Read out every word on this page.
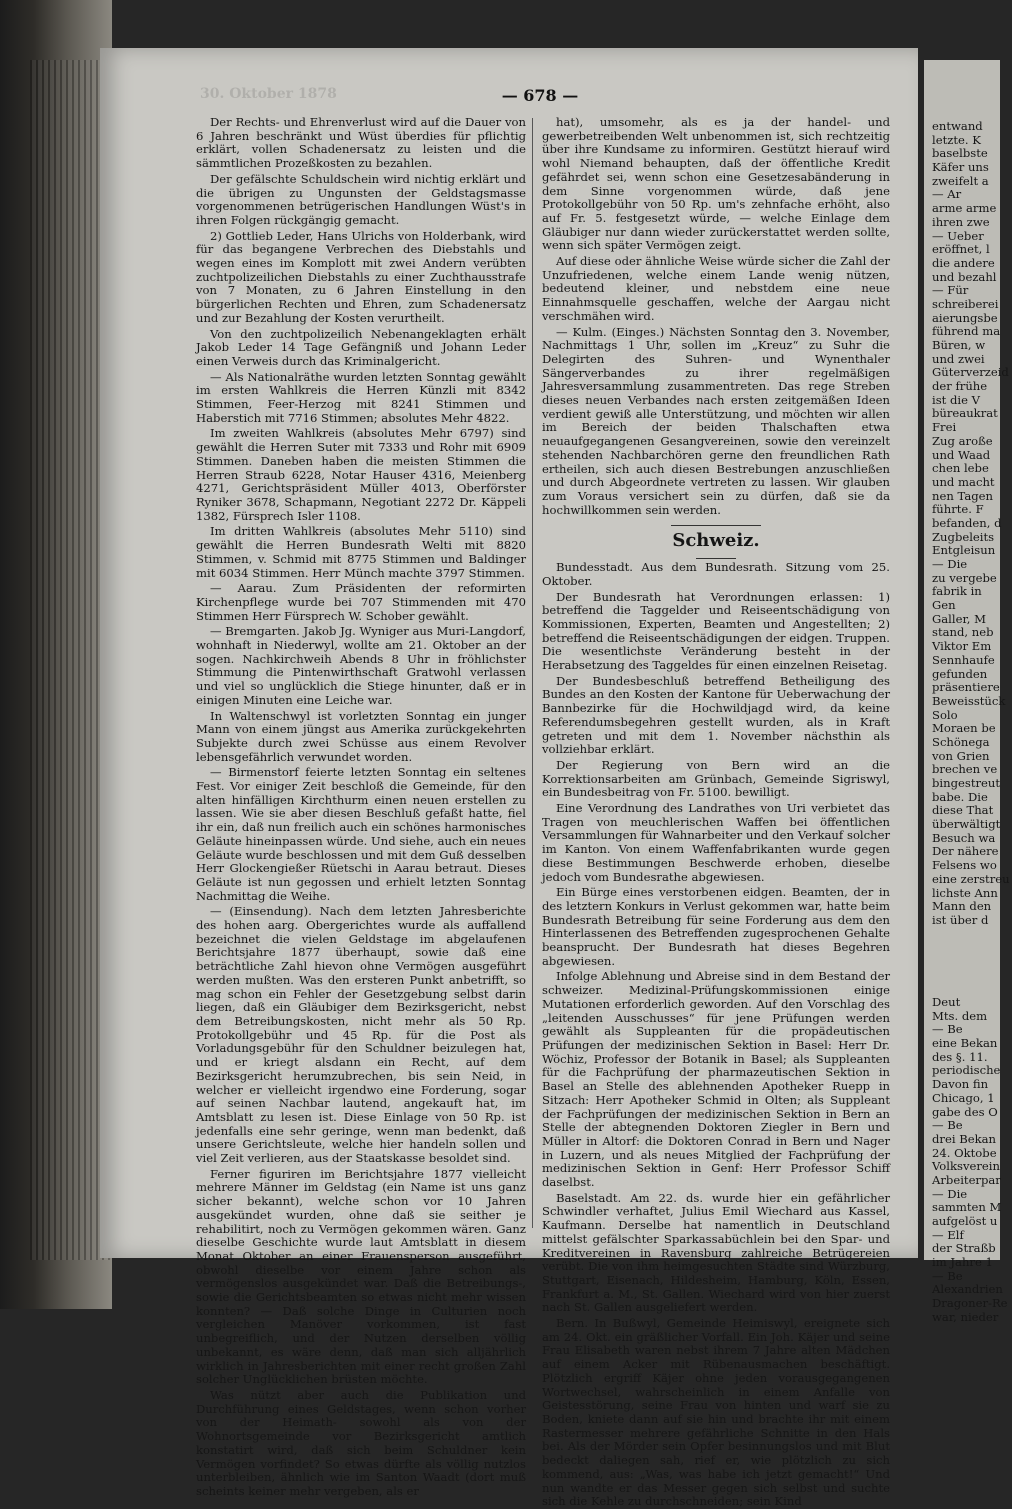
30. Oktober 1878	— 678 —

Der Rechts- und Ehrenverlust wird auf die Dauer von 6 Jahren beschränkt und Wüst überdies für pflichtig erklärt, vollen Schadenersatz zu leisten und die sämmtlichen Prozeßkosten zu bezahlen.

Der gefälschte Schuldschein wird nichtig erklärt und die übrigen zu Ungunsten der Geldstagsmasse vorgenommenen betrügerischen Handlungen Wüst's in ihren Folgen rückgängig gemacht.

2) Gottlieb Leder, Hans Ulrichs von Holderbank, wird für das begangene Verbrechen des Diebstahls und wegen eines im Komplott mit zwei Andern verübten zuchtpolizeilichen Diebstahls zu einer Zuchthausstrafe von 7 Monaten, zu 6 Jahren Einstellung in den bürgerlichen Rechten und Ehren, zum Schadenersatz und zur Bezahlung der Kosten verurtheilt.

Von den zuchtpolizeilich Nebenangeklagten erhält Jakob Leder 14 Tage Gefängniß und Johann Leder einen Verweis durch das Kriminalgericht.

— Als Nationalräthe wurden letzten Sonntag gewählt im ersten Wahlkreis die Herren Künzli mit 8342 Stimmen, Feer-Herzog mit 8241 Stimmen und Haberstich mit 7716 Stimmen; absolutes Mehr 4822.

Im zweiten Wahlkreis (absolutes Mehr 6797) sind gewählt die Herren Suter mit 7333 und Rohr mit 6909 Stimmen. Daneben haben die meisten Stimmen die Herren Straub 6228, Notar Hauser 4316, Meienberg 4271, Gerichtspräsident Müller 4013, Oberförster Ryniker 3678, Schapmann, Negotiant 2272 Dr. Käppeli 1382, Fürsprech Isler 1108.

Im dritten Wahlkreis (absolutes Mehr 5110) sind gewählt die Herren Bundesrath Welti mit 8820 Stimmen, v. Schmid mit 8775 Stimmen und Baldinger mit 6034 Stimmen. Herr Münch machte 3797 Stimmen.

— Aarau. Zum Präsidenten der reformirten Kirchenpflege wurde bei 707 Stimmenden mit 470 Stimmen Herr Fürsprech W. Schober gewählt.

— Bremgarten. Jakob Jg. Wyniger aus Muri-Langdorf, wohnhaft in Niederwyl, wollte am 21. Oktober an der sogen. Nachkirchweih Abends 8 Uhr in fröhlichster Stimmung die Pintenwirthschaft Gratwohl verlassen und viel so unglücklich die Stiege hinunter, daß er in einigen Minuten eine Leiche war.

In Waltenschwyl ist vorletzten Sonntag ein junger Mann von einem jüngst aus Amerika zurückgekehrten Subjekte durch zwei Schüsse aus einem Revolver lebensgefährlich verwundet worden.

— Birmenstorf feierte letzten Sonntag ein seltenes Fest. Vor einiger Zeit beschloß die Gemeinde, für den alten hinfälligen Kirchthurm einen neuen erstellen zu lassen. Wie sie aber diesen Beschluß gefaßt hatte, fiel ihr ein, daß nun freilich auch ein schönes harmonisches Geläute hineinpassen würde. Und siehe, auch ein neues Geläute wurde beschlossen und mit dem Guß desselben Herr Glockengießer Rüetschi in Aarau betraut. Dieses Geläute ist nun gegossen und erhielt letzten Sonntag Nachmittag die Weihe.

— (Einsendung). Nach dem letzten Jahresberichte des hohen aarg. Obergerichtes wurde als auffallend bezeichnet die vielen Geldstage im abgelaufenen Berichtsjahre 1877 überhaupt, sowie daß eine beträchtliche Zahl hievon ohne Vermögen ausgeführt werden mußten. Was den ersteren Punkt anbetrifft, so mag schon ein Fehler der Gesetzgebung selbst darin liegen, daß ein Gläubiger dem Bezirksgericht, nebst dem Betreibungskosten, nicht mehr als 50 Rp. Protokollgebühr und 45 Rp. für die Post als Vorladungsgebühr für den Schuldner beizulegen hat, und er kriegt alsdann ein Recht, auf dem Bezirksgericht herumzubrechen, bis sein Neid, in welcher er vielleicht irgendwo eine Forderung, sogar auf seinen Nachbar lautend, angekauft hat, im Amtsblatt zu lesen ist. Diese Einlage von 50 Rp. ist jedenfalls eine sehr geringe, wenn man bedenkt, daß unsere Gerichtsleute, welche hier handeln sollen und viel Zeit verlieren, aus der Staatskasse besoldet sind.

Ferner figuriren im Berichtsjahre 1877 vielleicht mehrere Männer im Geldstag (ein Name ist uns ganz sicher bekannt), welche schon vor 10 Jahren ausgekündet wurden, ohne daß sie seither je rehabilitirt, noch zu Vermögen gekommen wären. Ganz dieselbe Geschichte wurde laut Amtsblatt in diesem Monat Oktober an einer Frauensperson ausgeführt, obwohl dieselbe vor einem Jahre schon als vermögenslos ausgekündet war. Daß die Betreibungs-, sowie die Gerichtsbeamten so etwas nicht mehr wissen konnten? — Daß solche Dinge in Culturien noch vergleichen Manöver vorkommen, ist fast unbegreiflich, und der Nutzen derselben völlig unbekannt, es wäre denn, daß man sich alljährlich wirklich in Jahresberichten mit einer recht großen Zahl solcher Unglücklichen brüsten möchte.

Was nützt aber auch die Publikation und Durchführung eines Geldstages, wenn schon vorher von der Heimath- sowohl als von der Wohnortsgemeinde vor Bezirksgericht amtlich konstatirt wird, daß sich beim Schuldner kein Vermögen vorfindet? So etwas dürfte als völlig nutzlos unterbleiben, ähnlich wie im Santon Waadt (dort muß scheints keiner mehr vergeben, als er

hat), umsomehr, als es ja der handel- und gewerbetreibenden Welt unbenommen ist, sich rechtzeitig über ihre Kundsame zu informiren. Gestützt hierauf wird wohl Niemand behaupten, daß der öffentliche Kredit gefährdet sei, wenn schon eine Gesetzesabänderung in dem Sinne vorgenommen würde, daß jene Protokollgebühr von 50 Rp. um's zehnfache erhöht, also auf Fr. 5. festgesetzt würde, — welche Einlage dem Gläubiger nur dann wieder zurückerstattet werden sollte, wenn sich später Vermögen zeigt.

Auf diese oder ähnliche Weise würde sicher die Zahl der Unzufriedenen, welche einem Lande wenig nützen, bedeutend kleiner, und nebstdem eine neue Einnahmsquelle geschaffen, welche der Aargau nicht verschmähen wird.

— Kulm. (Einges.) Nächsten Sonntag den 3. November, Nachmittags 1 Uhr, sollen im „Kreuz“ zu Suhr die Delegirten des Suhren- und Wynenthaler Sängerverbandes zu ihrer regelmäßigen Jahresversammlung zusammentreten. Das rege Streben dieses neuen Verbandes nach ersten zeitgemäßen Ideen verdient gewiß alle Unterstützung, und möchten wir allen im Bereich der beiden Thalschaften etwa neuaufgegangenen Gesangvereinen, sowie den vereinzelt stehenden Nachbarchören gerne den freundlichen Rath ertheilen, sich auch diesen Bestrebungen anzuschließen und durch Abgeordnete vertreten zu lassen. Wir glauben zum Voraus versichert sein zu dürfen, daß sie da hochwillkommen sein werden.

Schweiz.

Bundesstadt. Aus dem Bundesrath. Sitzung vom 25. Oktober.

Der Bundesrath hat Verordnungen erlassen: 1) betreffend die Taggelder und Reiseentschädigung von Kommissionen, Experten, Beamten und Angestellten; 2) betreffend die Reiseentschädigungen der eidgen. Truppen. Die wesentlichste Veränderung besteht in der Herabsetzung des Taggeldes für einen einzelnen Reisetag.

Der Bundesbeschluß betreffend Betheiligung des Bundes an den Kosten der Kantone für Ueberwachung der Bannbezirke für die Hochwildjagd wird, da keine Referendumsbegehren gestellt wurden, als in Kraft getreten und mit dem 1. November nächsthin als vollziehbar erklärt.

Der Regierung von Bern wird an die Korrektionsarbeiten am Grünbach, Gemeinde Sigriswyl, ein Bundesbeitrag von Fr. 5100. bewilligt.

Eine Verordnung des Landrathes von Uri verbietet das Tragen von meuchlerischen Waffen bei öffentlichen Versammlungen für Wahnarbeiter und den Verkauf solcher im Kanton. Von einem Waffenfabrikanten wurde gegen diese Bestimmungen Beschwerde erhoben, dieselbe jedoch vom Bundesrathe abgewiesen.

Ein Bürge eines verstorbenen eidgen. Beamten, der in des letztern Konkurs in Verlust gekommen war, hatte beim Bundesrath Betreibung für seine Forderung aus dem den Hinterlassenen des Betreffenden zugesprochenen Gehalte beansprucht. Der Bundesrath hat dieses Begehren abgewiesen.

Infolge Ablehnung und Abreise sind in dem Bestand der schweizer. Medizinal-Prüfungskommissionen einige Mutationen erforderlich geworden. Auf den Vorschlag des „leitenden Ausschusses“ für jene Prüfungen werden gewählt als Suppleanten für die propädeutischen Prüfungen der medizinischen Sektion in Basel: Herr Dr. Wöchiz, Professor der Botanik in Basel; als Suppleanten für die Fachprüfung der pharmazeutischen Sektion in Basel an Stelle des ablehnenden Apotheker Ruepp in Sitzach: Herr Apotheker Schmid in Olten; als Suppleant der Fachprüfungen der medizinischen Sektion in Bern an Stelle der abtegnenden Doktoren Ziegler in Bern und Müller in Altorf: die Doktoren Conrad in Bern und Nager in Luzern, und als neues Mitglied der Fachprüfung der medizinischen Sektion in Genf: Herr Professor Schiff daselbst.

Baselstadt. Am 22. ds. wurde hier ein gefährlicher Schwindler verhaftet, Julius Emil Wiechard aus Kassel, Kaufmann. Derselbe hat namentlich in Deutschland mittelst gefälschter Sparkassabüchlein bei den Spar- und Kreditvereinen in Ravensburg zahlreiche Betrügereien verübt. Die von ihm heimgesuchten Städte sind Würzburg, Stuttgart, Eisenach, Hildesheim, Hamburg, Köln, Essen, Frankfurt a. M., St. Gallen. Wiechard wird von hier zuerst nach St. Gallen ausgeliefert werden.

Bern. In Bußwyl, Gemeinde Heimiswyl, ereignete sich am 24. Okt. ein gräßlicher Vorfall. Ein Joh. Käjer und seine Frau Elisabeth waren nebst ihrem 7 Jahre alten Mädchen auf einem Acker mit Rübenausmachen beschäftigt. Plötzlich ergriff Käjer ohne jeden vorausgegangenen Wortwechsel, wahrscheinlich in einem Anfalle von Geistesstörung, seine Frau von hinten und warf sie zu Boden, kniete dann auf sie hin und brachte ihr mit einem Rastermesser mehrere gefährliche Schnitte in den Hals bei. Als der Mörder sein Opfer besinnungslos und mit Blut bedeckt daliegen sah, rief er, wie plötzlich zu sich kommend, aus: „Was, was habe ich jetzt gemacht!“ Und nun wandte er das Messer gegen sich selbst und suchte sich die Kehle zu durchschneiden; sein Kind

entwand
letzte. K
baselbste
Käfer uns
zweifelt a
— Ar
arme arme
ihren zwe
— Ueber
eröffnet, l
die andere
und bezahl
— Für
schreiberei
aierungsbe
führend ma
Büren, w
und zwei
Güterverzeid
der frühe
ist die V
büreaukrat
Frei
Zug aroße
und Waad
chen lebe
und macht
nen Tagen
führte. F
befanden, d
Zugbeleits
Entgleisun
— Die
zu vergebe
fabrik in
Gen
Galler, M
stand, neb
Viktor Em
Sennhaufe
gefunden
präsentiere
Beweisstück
Solo
Moraen be
Schönega
von Grien
brechen ve
bingestreut
babe. Die
diese That
überwältigt
Besuch wa
Der nähere
Felsens wo
eine zerstreu
lichste Ann
Mann den
ist über d
Deut
Mts. dem
— Be
eine Bekan
des §. 11.
periodische
Davon fin
Chicago, 1
gabe des O
— Be
drei Bekan
24. Oktobe
Volksverein
Arbeiterpar
— Die
sammten M
aufgelöst u
— Elf
der Straßb
im Jahre 1
— Be
Alexandrien
Dragoner-Re
war, nieder
